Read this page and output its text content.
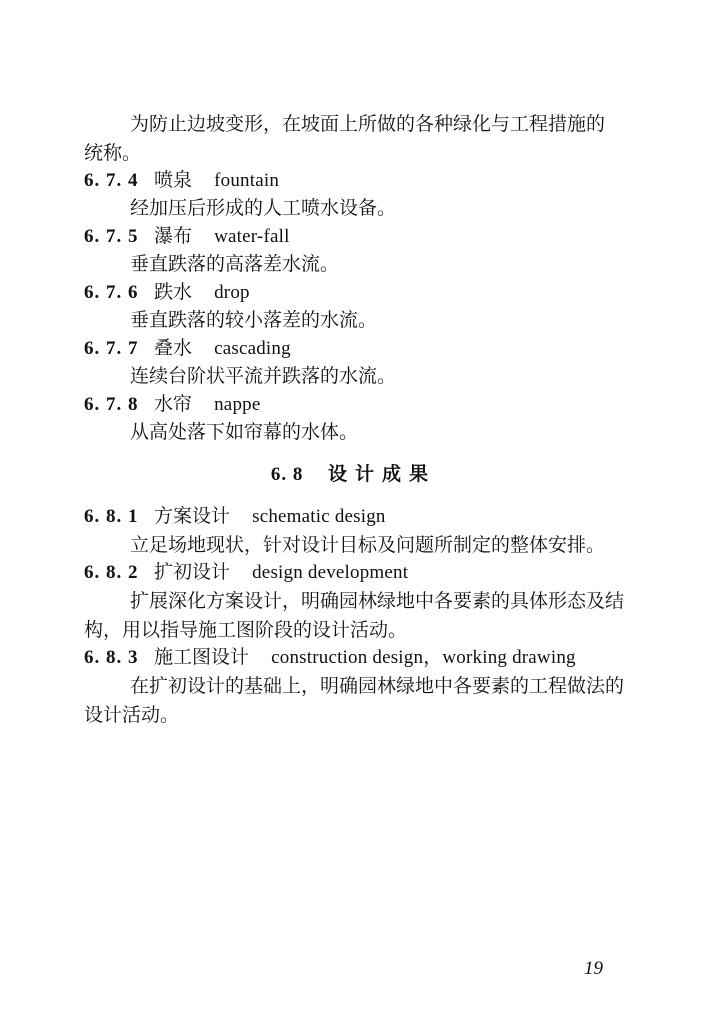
为防止边坡变形，在坡面上所做的各种绿化与工程措施的
统称。
6. 7. 4 喷泉 fountain
经加压后形成的人工喷水设备。
6. 7. 5 瀑布 water-fall
垂直跌落的高落差水流。
6. 7. 6 跌水 drop
垂直跌落的较小落差的水流。
6. 7. 7 叠水 cascading
连续台阶状平流并跌落的水流。
6. 7. 8 水帘 nappe
从高处落下如帘幕的水体。
6. 8 设计成果
6. 8. 1 方案设计 schematic design
立足场地现状，针对设计目标及问题所制定的整体安排。
6. 8. 2 扩初设计 design development
扩展深化方案设计，明确园林绿地中各要素的具体形态及结
构，用以指导施工图阶段的设计活动。
6. 8. 3 施工图设计 construction design，working drawing
在扩初设计的基础上，明确园林绿地中各要素的工程做法的
设计活动。
19
